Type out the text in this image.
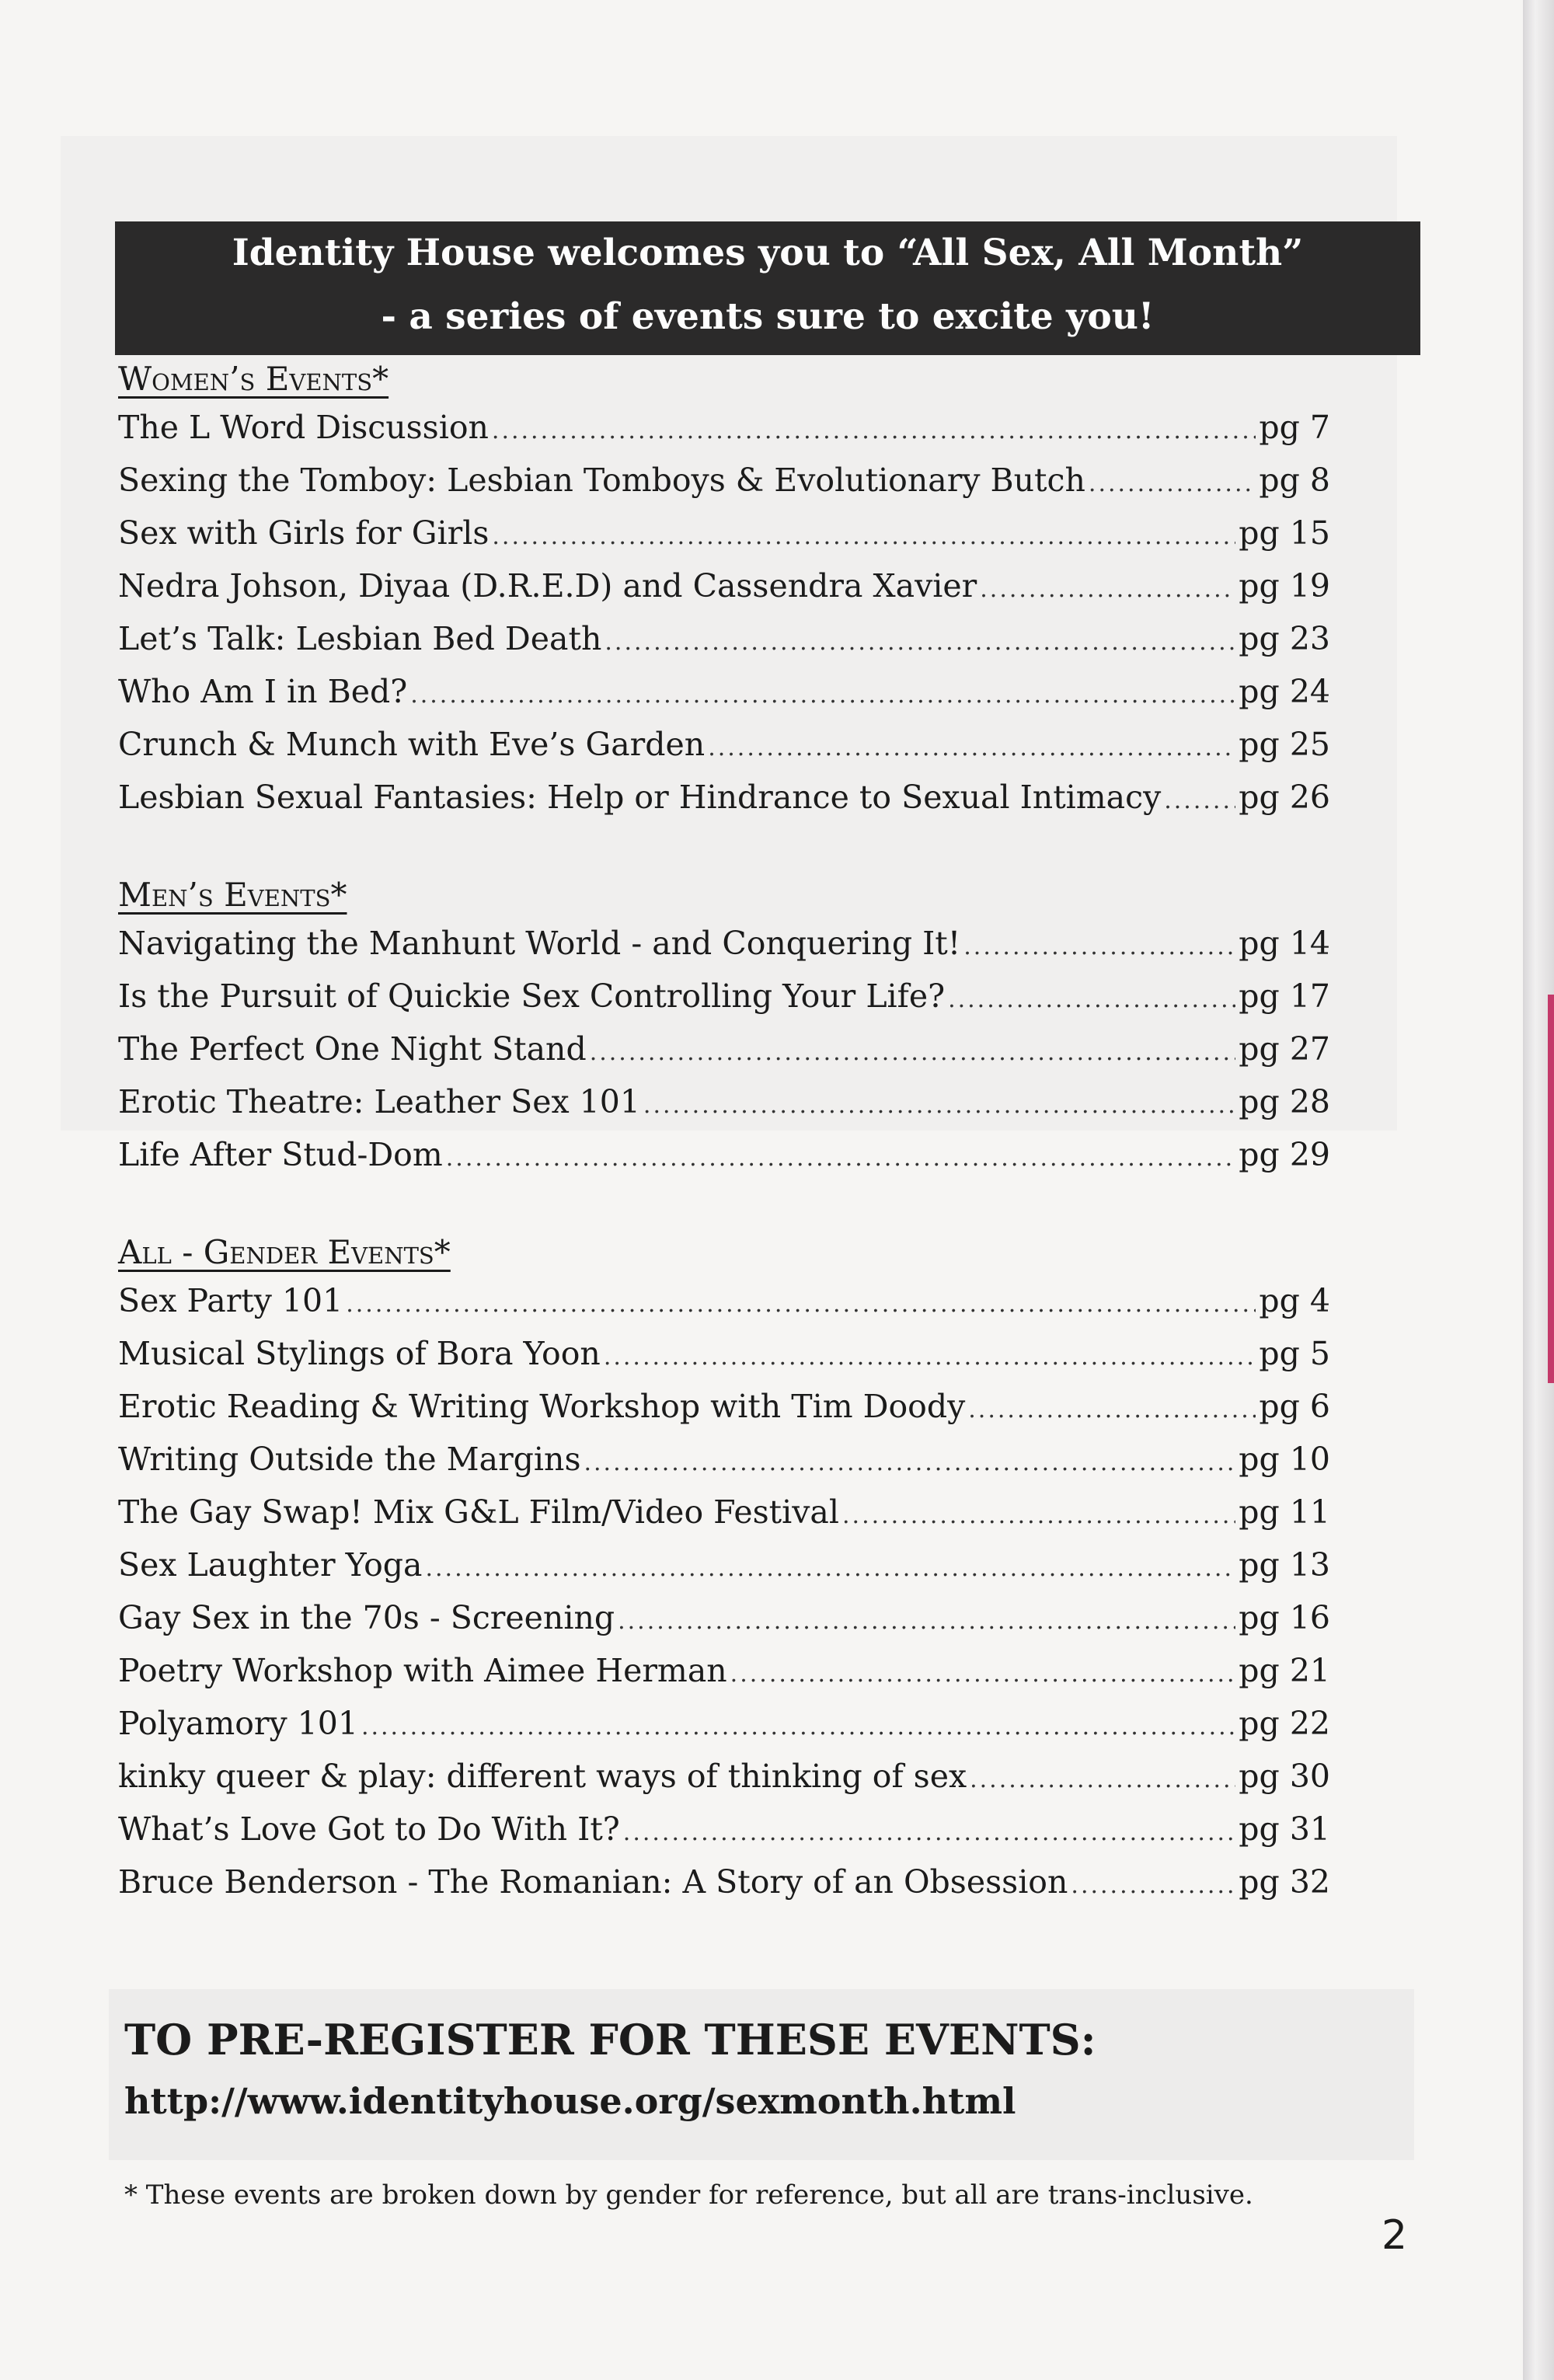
Identity House welcomes you to “All Sex, All Month”
- a series of events sure to excite you!
Women’s Events*
The L Word Discussion .....	pg 7
Sexing the Tomboy: Lesbian Tomboys & Evolutionary Butch .....	pg 8
Sex with Girls for Girls .....	pg 15
Nedra Johson, Diyaa (D.R.E.D) and Cassendra Xavier .....	pg 19
Let’s Talk: Lesbian Bed Death .....	pg 23
Who Am I in Bed? .....	pg 24
Crunch & Munch with Eve’s Garden .....	pg 25
Lesbian Sexual Fantasies: Help or Hindrance to Sexual Intimacy ..... pg 26
Men’s Events*
Navigating the Manhunt World - and Conquering It! .....	pg 14
Is the Pursuit of Quickie Sex Controlling Your Life? .....	pg 17
The Perfect One Night Stand .....	pg 27
Erotic Theatre: Leather Sex 101 .....	pg 28
Life After Stud-Dom .....	pg 29
All - Gender Events*
Sex Party 101 .....	pg 4
Musical Stylings of Bora Yoon .....	pg 5
Erotic Reading & Writing Workshop with Tim Doody .....	pg 6
Writing Outside the Margins .....	pg 10
The Gay Swap! Mix G&L Film/Video Festival .....	pg 11
Sex Laughter Yoga .....	pg 13
Gay Sex in the 70s - Screening .....	pg 16
Poetry Workshop with Aimee Herman .....	pg 21
Polyamory 101 .....	pg 22
kinky queer & play: different ways of thinking of sex .....	pg 30
What’s Love Got to Do With It? .....	pg 31
Bruce Benderson - The Romanian: A Story of an Obsession .....	pg 32
TO PRE-REGISTER FOR THESE EVENTS:
http://www.identityhouse.org/sexmonth.html
* These events are broken down by gender for reference, but all are trans-inclusive.
2
